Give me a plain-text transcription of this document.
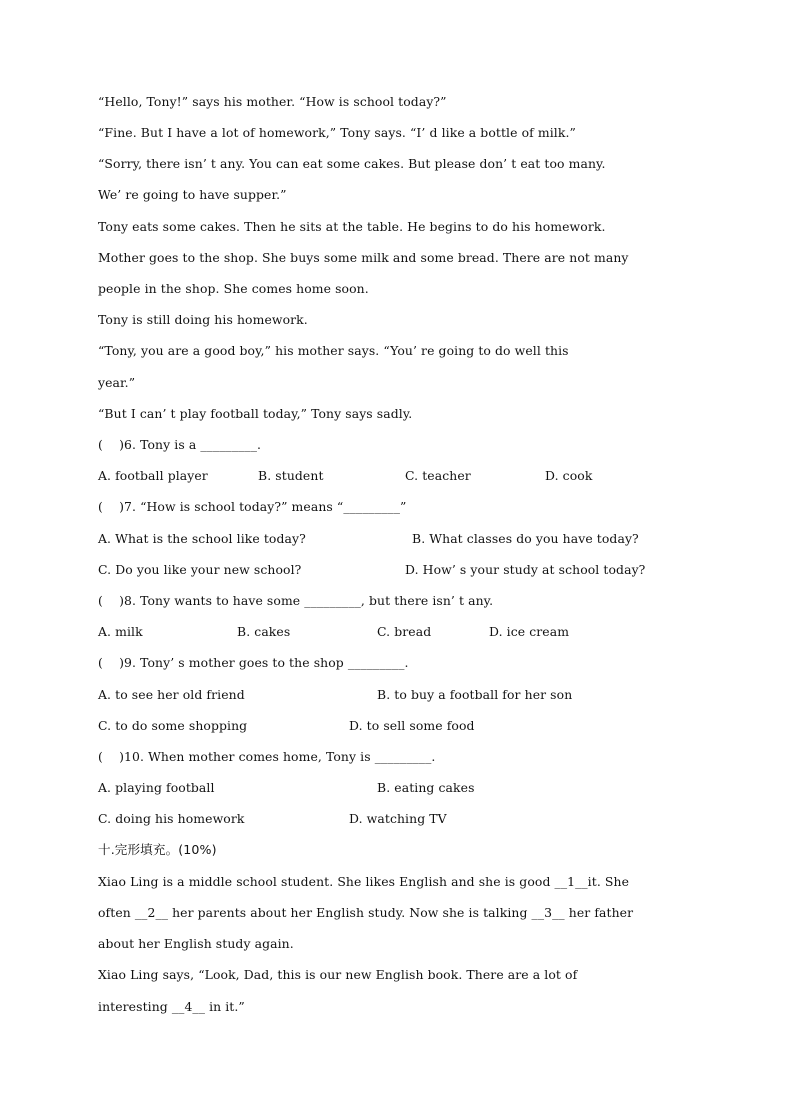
“Hello, Tony!” says his mother. “How is school today?”
“Fine. But I have a lot of homework,” Tony says. “I’ d like a bottle of milk.”
“Sorry, there isn’ t any. You can eat some cakes. But please don’ t eat too many.
We’ re going to have supper.”
Tony eats some cakes. Then he sits at the table. He begins to do his homework.
Mother goes to the shop. She buys some milk and some bread. There are not many
people in the shop. She comes home soon.
Tony is still doing his homework.
“Tony, you are a good boy,” his mother says. “You’ re going to do well this
year.”
“But I can’ t play football today,” Tony says sadly.
(    )6. Tony is a _________.
A. football player	B. student	C. teacher	D. cook
(    )7. “How is school today?” means “_________”
A. What is the school like today?	B. What classes do you have today?
C. Do you like your new school?	D. How’ s your study at school today?
(    )8. Tony wants to have some _________, but there isn’ t any.
A. milk	B. cakes	C. bread	D. ice cream
(    )9. Tony’ s mother goes to the shop _________.
A. to see her old friend	B. to buy a football for her son
C. to do some shopping	D. to sell some food
(    )10. When mother comes home, Tony is _________.
A. playing football	B. eating cakes
C. doing his homework	D. watching TV
十.完形填充。(10%)
Xiao Ling is a middle school student. She likes English and she is good __1__it. She
often __2__ her parents about her English study. Now she is talking __3__ her father
about her English study again.
Xiao Ling says, “Look, Dad, this is our new English book. There are a lot of
interesting __4__ in it.”
